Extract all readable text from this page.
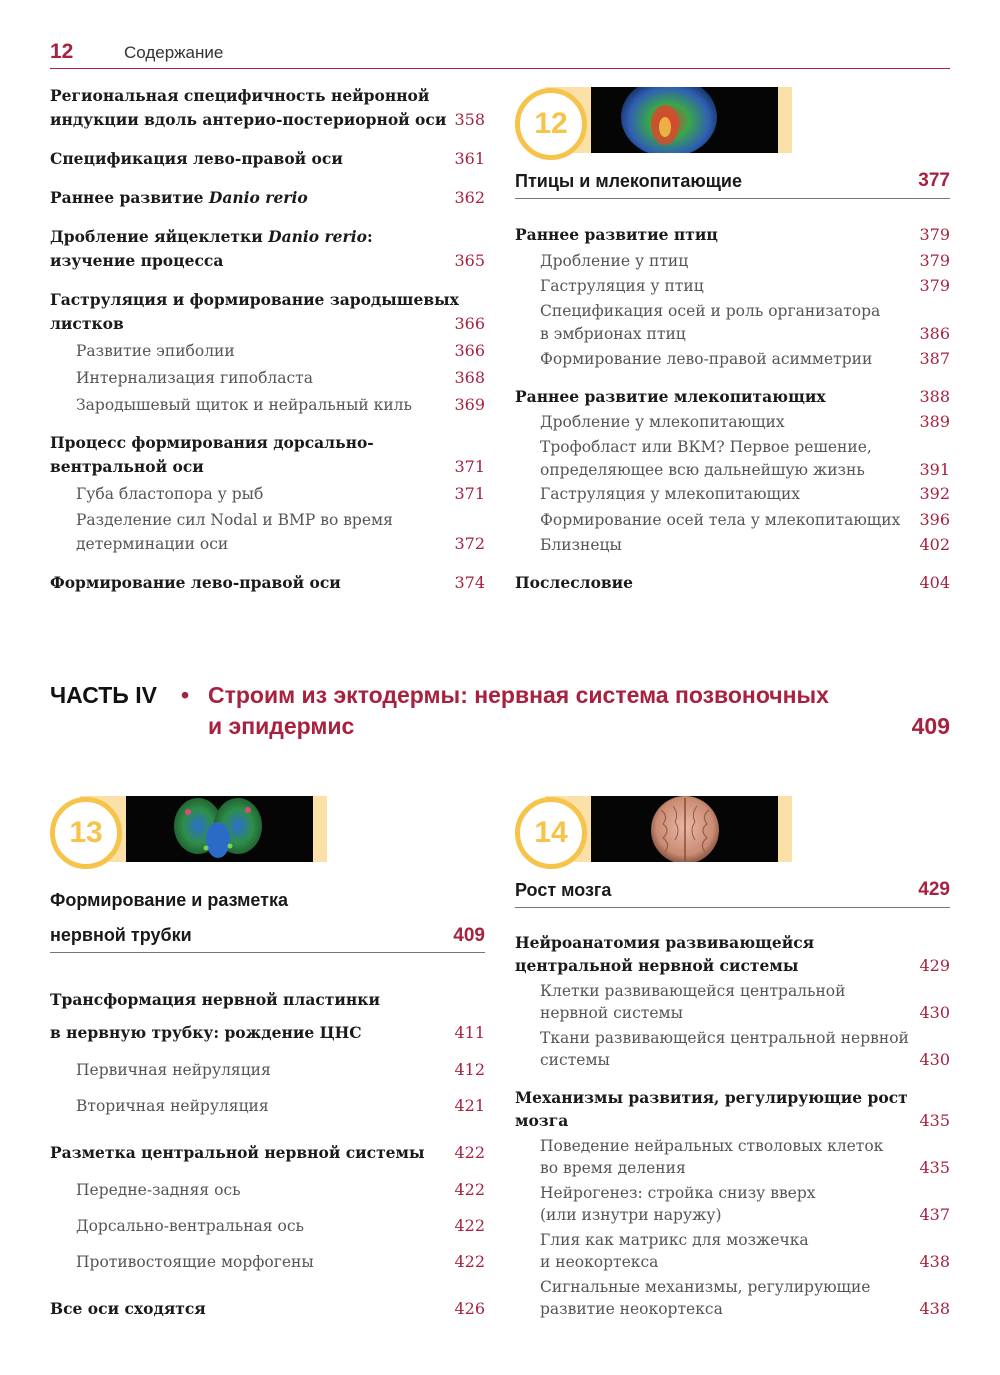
12	Содержание
Региональная специфичность нейронной
индукции вдоль антерио-постериорной оси 358
Спецификация лево-правой оси	361
Раннее развитие Danio rerio	362
Дробление яйцеклетки Danio rerio:
изучение процесса	365
Гаструляция и формирование зародышевых
листков	366
Развитие эпиболии	366
Интернализация гипобласта	368
Зародышевый щиток и нейральный киль	369
Процесс формирования дорсально-
вентральной оси	371
Губа бластопора у рыб	371
Разделение сил Nodal и BMP во время
детерминации оси	372
Формирование лево-правой оси	374
12
Птицы и млекопитающие	377
Раннее развитие птиц	379
Дробление у птиц	379
Гаструляция у птиц	379
Спецификация осей и роль организатора
в эмбрионах птиц	386
Формирование лево-правой асимметрии	387
Раннее развитие млекопитающих	388
Дробление у млекопитающих	389
Трофобласт или ВКМ? Первое решение,
определяющее всю дальнейшую жизнь	391
Гаструляция у млекопитающих	392
Формирование осей тела у млекопитающих	396
Близнецы	402
Послесловие	404
ЧАСТЬ IV • Строим из эктодермы: нервная система позвоночных
и эпидермис	409
13
Формирование и разметка
нервной трубки	409
Трансформация нервной пластинки
в нервную трубку: рождение ЦНС	411
Первичная нейруляция	412
Вторичная нейруляция	421
Разметка центральной нервной системы	422
Передне-задняя ось	422
Дорсально-вентральная ось	422
Противостоящие морфогены	422
Все оси сходятся	426
14
Рост мозга	429
Нейроанатомия развивающейся
центральной нервной системы	429
Клетки развивающейся центральной
нервной системы	430
Ткани развивающейся центральной нервной
системы	430
Механизмы развития, регулирующие рост
мозга	435
Поведение нейральных стволовых клеток
во время деления	435
Нейрогенез: стройка снизу вверх
(или изнутри наружу)	437
Глия как матрикс для мозжечка
и неокортекса	438
Сигнальные механизмы, регулирующие
развитие неокортекса	438
